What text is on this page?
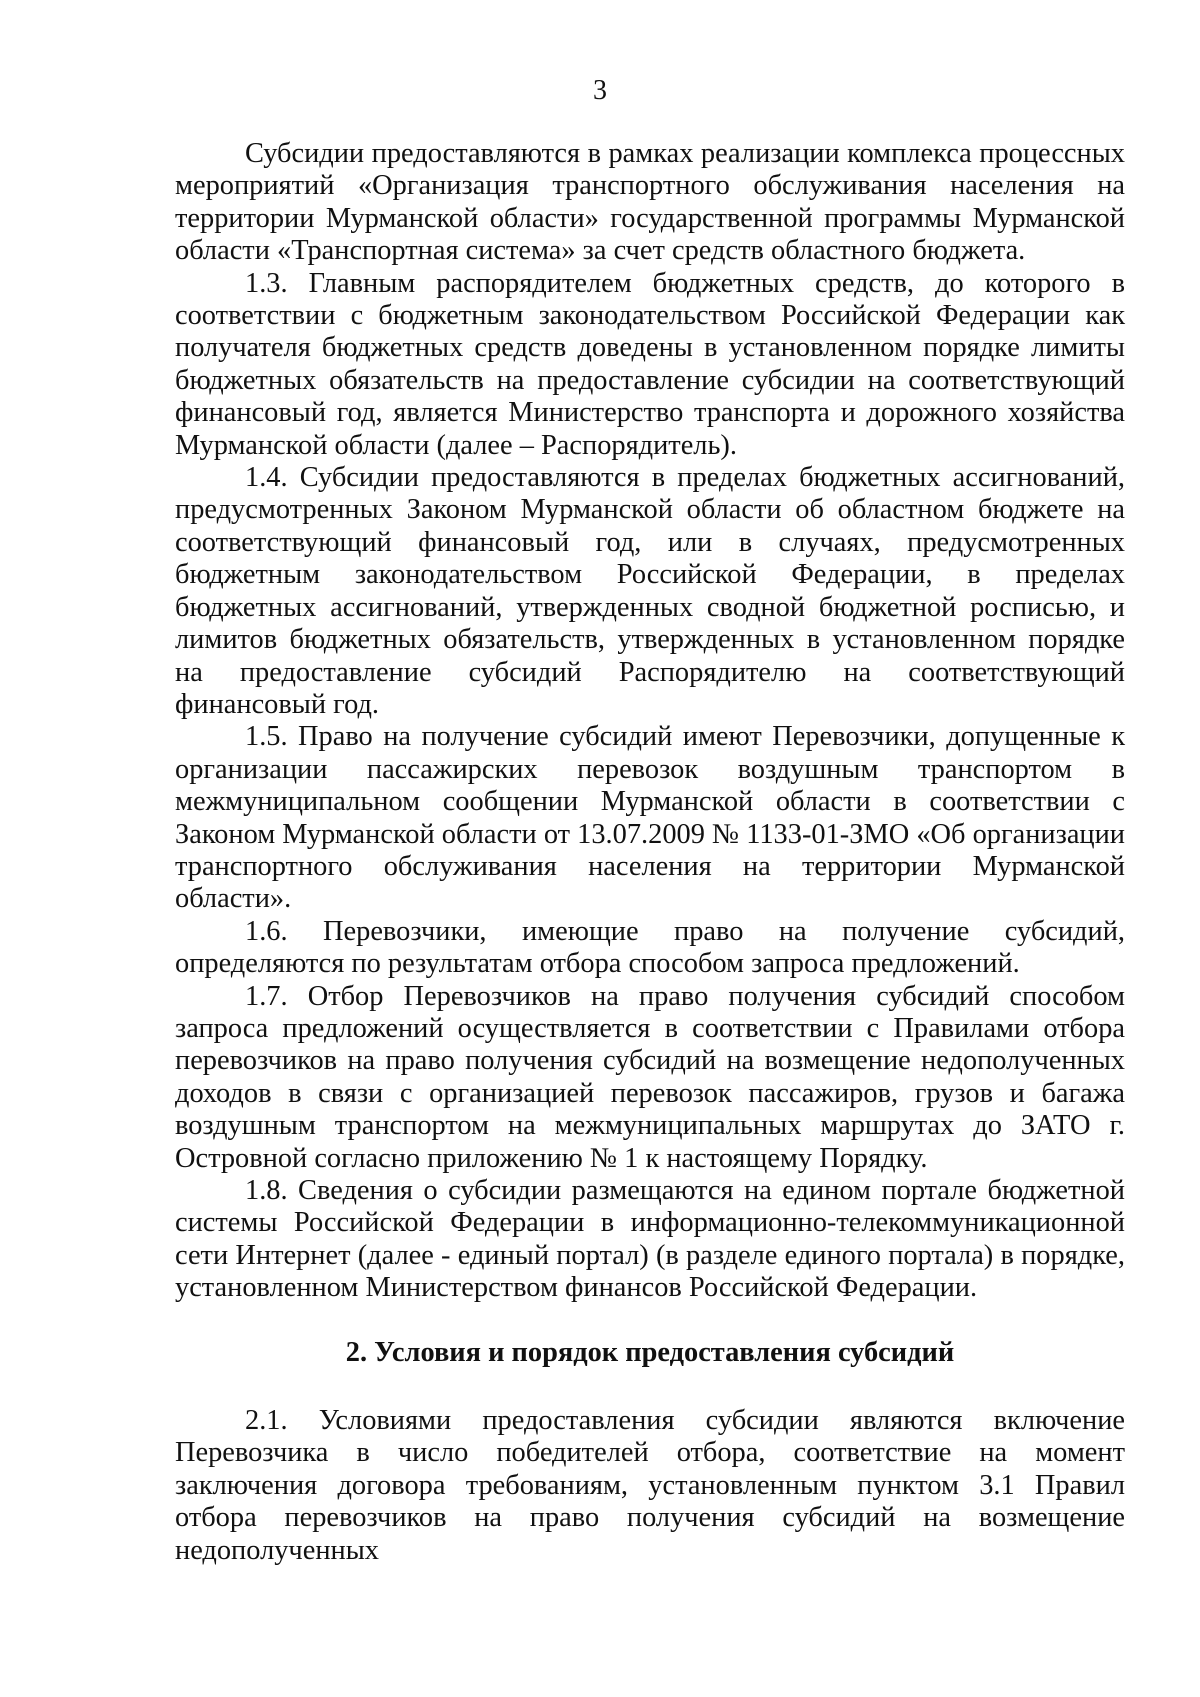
3

Субсидии предоставляются в рамках реализации комплекса процессных мероприятий «Организация транспортного обслуживания населения на территории Мурманской области» государственной программы Мурманской области «Транспортная система» за счет средств областного бюджета.

1.3. Главным распорядителем бюджетных средств, до которого в соответствии с бюджетным законодательством Российской Федерации как получателя бюджетных средств доведены в установленном порядке лимиты бюджетных обязательств на предоставление субсидии на соответствующий финансовый год, является Министерство транспорта и дорожного хозяйства Мурманской области (далее – Распорядитель).

1.4. Субсидии предоставляются в пределах бюджетных ассигнований, предусмотренных Законом Мурманской области об областном бюджете на соответствующий финансовый год, или в случаях, предусмотренных бюджетным законодательством Российской Федерации, в пределах бюджетных ассигнований, утвержденных сводной бюджетной росписью, и лимитов бюджетных обязательств, утвержденных в установленном порядке на предоставление субсидий Распорядителю на соответствующий финансовый год.

1.5. Право на получение субсидий имеют Перевозчики, допущенные к организации пассажирских перевозок воздушным транспортом в межмуниципальном сообщении Мурманской области в соответствии с Законом Мурманской области от 13.07.2009 № 1133-01-ЗМО «Об организации транспортного обслуживания населения на территории Мурманской области».

1.6. Перевозчики, имеющие право на получение субсидий, определяются по результатам отбора способом запроса предложений.

1.7. Отбор Перевозчиков на право получения субсидий способом запроса предложений осуществляется в соответствии с Правилами отбора перевозчиков на право получения субсидий на возмещение недополученных доходов в связи с организацией перевозок пассажиров, грузов и багажа воздушным транспортом на межмуниципальных маршрутах до ЗАТО г. Островной согласно приложению № 1 к настоящему Порядку.

1.8. Сведения о субсидии размещаются на едином портале бюджетной системы Российской Федерации в информационно-телекоммуникационной сети Интернет (далее - единый портал) (в разделе единого портала) в порядке, установленном Министерством финансов Российской Федерации.

2. Условия и порядок предоставления субсидий

2.1. Условиями предоставления субсидии являются включение Перевозчика в число победителей отбора, соответствие на момент заключения договора требованиям, установленным пунктом 3.1 Правил отбора перевозчиков на право получения субсидий на возмещение недополученных
